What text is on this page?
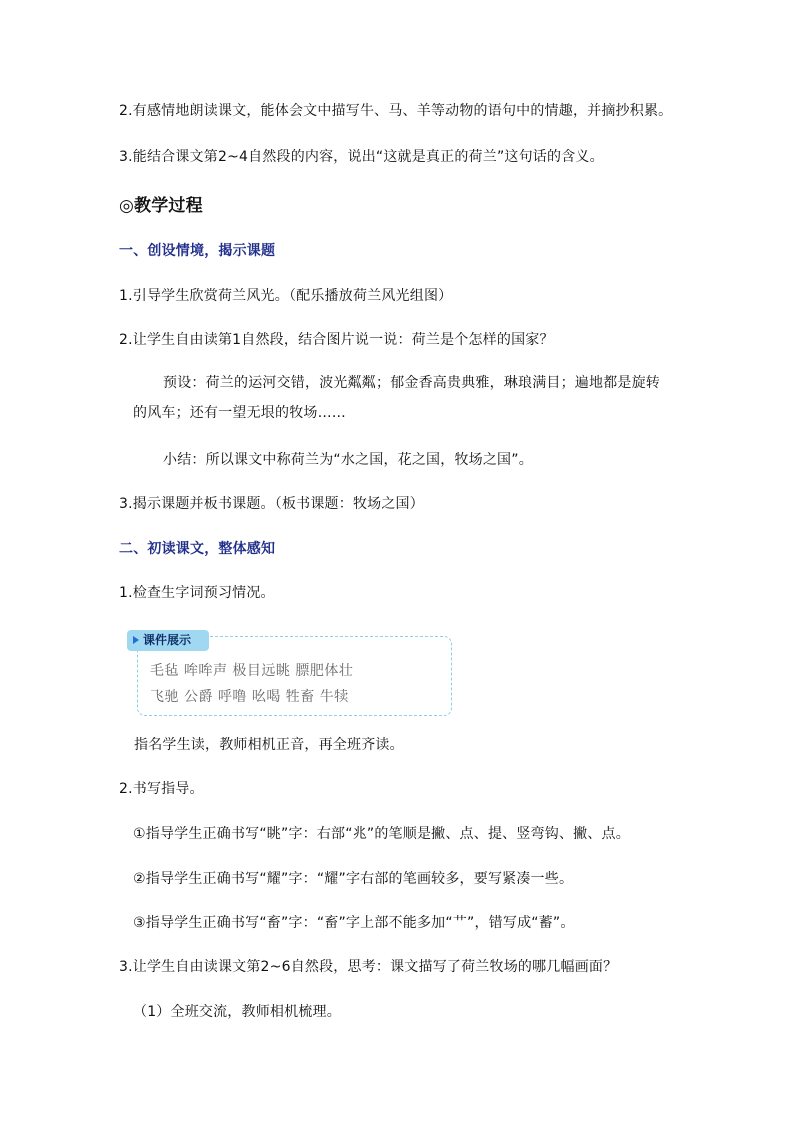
2.有感情地朗读课文，能体会文中描写牛、马、羊等动物的语句中的情趣，并摘抄积累。
3.能结合课文第2~4自然段的内容，说出“这就是真正的荷兰”这句话的含义。
◎教学过程
一、创设情境，揭示课题
1.引导学生欣赏荷兰风光。（配乐播放荷兰风光组图）
2.让学生自由读第1自然段，结合图片说一说：荷兰是个怎样的国家？
预设：荷兰的运河交错，波光粼粼；郁金香高贵典雅，琳琅满目；遍地都是旋转
的风车；还有一望无垠的牧场……
小结：所以课文中称荷兰为“水之国，花之国，牧场之国”。
3.揭示课题并板书课题。（板书课题：牧场之国）
二、初读课文，整体感知
1.检查生字词预习情况。
课件展示
毛毡 哞哞声 极目远眺 膘肥体壮
飞驰 公爵 呼噜 吆喝 牲畜 牛犊
指名学生读，教师相机正音，再全班齐读。
2.书写指导。
①指导学生正确书写“眺”字：右部“兆”的笔顺是撇、点、提、竖弯钩、撇、点。
②指导学生正确书写“耀”字：“耀”字右部的笔画较多，要写紧凑一些。
③指导学生正确书写“畜”字：“畜”字上部不能多加“艹”，错写成“蓄”。
3.让学生自由读课文第2~6自然段，思考：课文描写了荷兰牧场的哪几幅画面？
（1）全班交流，教师相机梳理。
